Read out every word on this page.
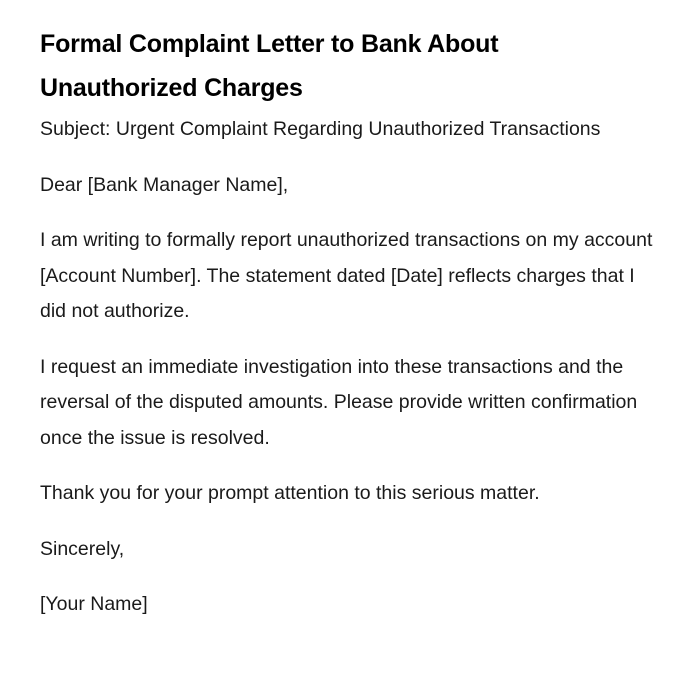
Formal Complaint Letter to Bank About Unauthorized Charges

Subject: Urgent Complaint Regarding Unauthorized Transactions

Dear [Bank Manager Name],

I am writing to formally report unauthorized transactions on my account [Account Number]. The statement dated [Date] reflects charges that I did not authorize.

I request an immediate investigation into these transactions and the reversal of the disputed amounts. Please provide written confirmation once the issue is resolved.

Thank you for your prompt attention to this serious matter.

Sincerely,

[Your Name]
